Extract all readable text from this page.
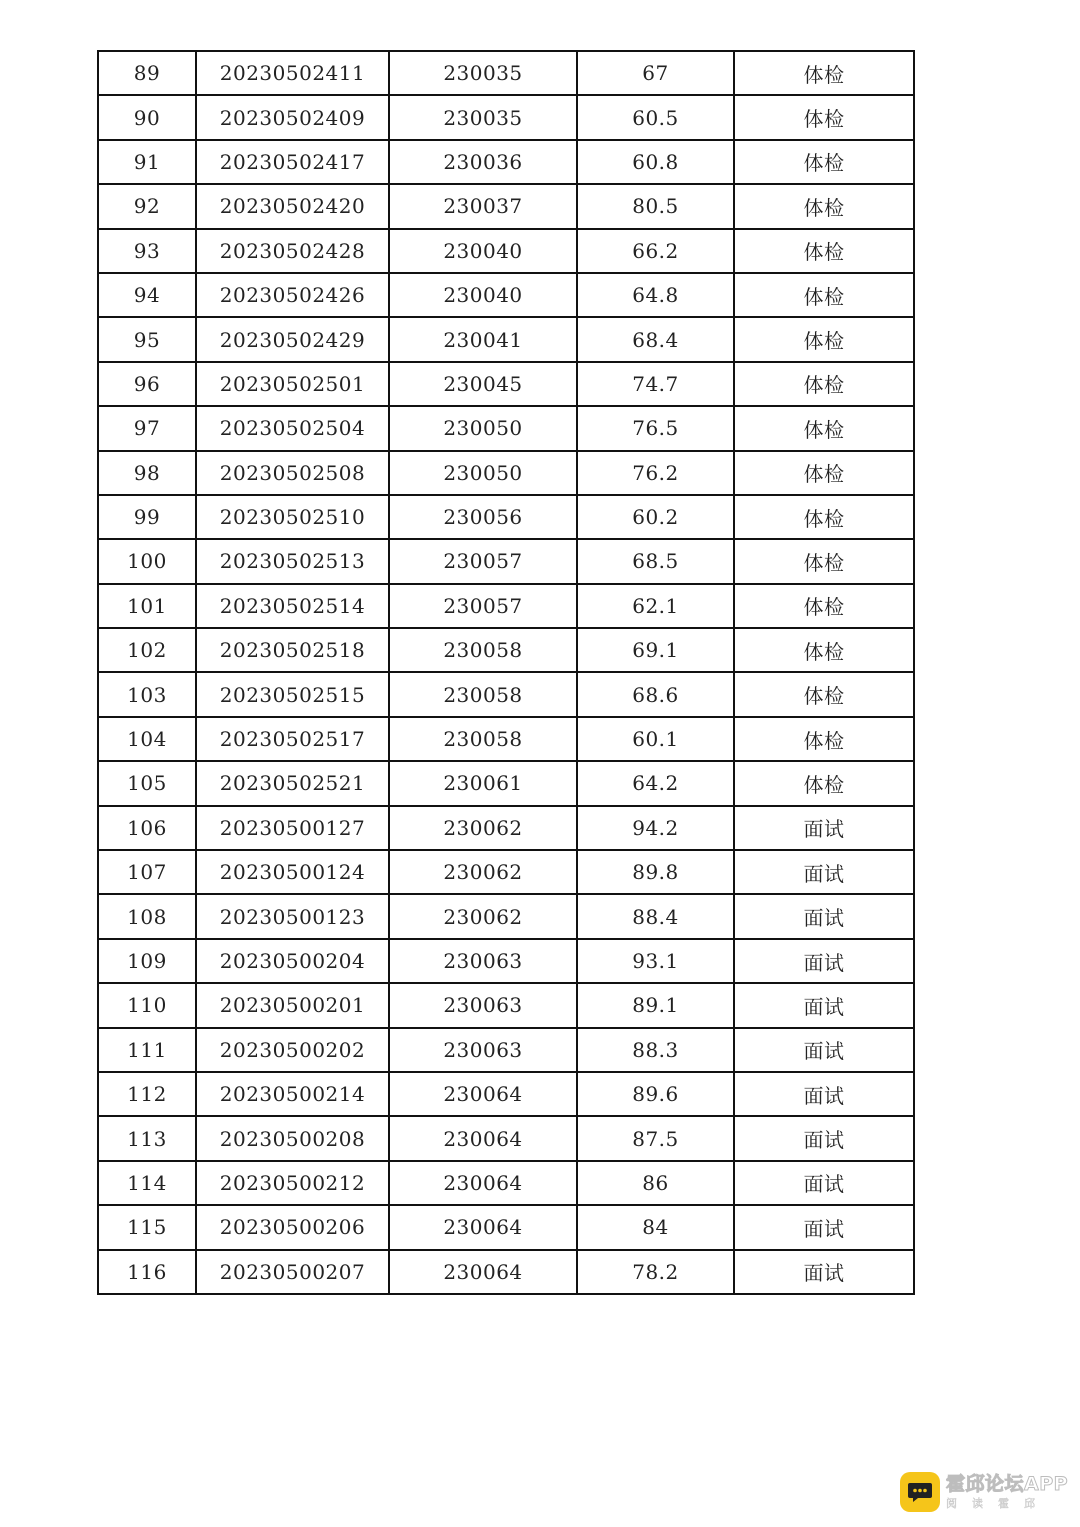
89	20230502411	230035	67	体检
90	20230502409	230035	60.5	体检
91	20230502417	230036	60.8	体检
92	20230502420	230037	80.5	体检
93	20230502428	230040	66.2	体检
94	20230502426	230040	64.8	体检
95	20230502429	230041	68.4	体检
96	20230502501	230045	74.7	体检
97	20230502504	230050	76.5	体检
98	20230502508	230050	76.2	体检
99	20230502510	230056	60.2	体检
100	20230502513	230057	68.5	体检
101	20230502514	230057	62.1	体检
102	20230502518	230058	69.1	体检
103	20230502515	230058	68.6	体检
104	20230502517	230058	60.1	体检
105	20230502521	230061	64.2	体检
106	20230500127	230062	94.2	面试
107	20230500124	230062	89.8	面试
108	20230500123	230062	88.4	面试
109	20230500204	230063	93.1	面试
110	20230500201	230063	89.1	面试
111	20230500202	230063	88.3	面试
112	20230500214	230064	89.6	面试
113	20230500208	230064	87.5	面试
114	20230500212	230064	86	面试
115	20230500206	230064	84	面试
116	20230500207	230064	78.2	面试
霍邱论坛APP
阅读霍邱
